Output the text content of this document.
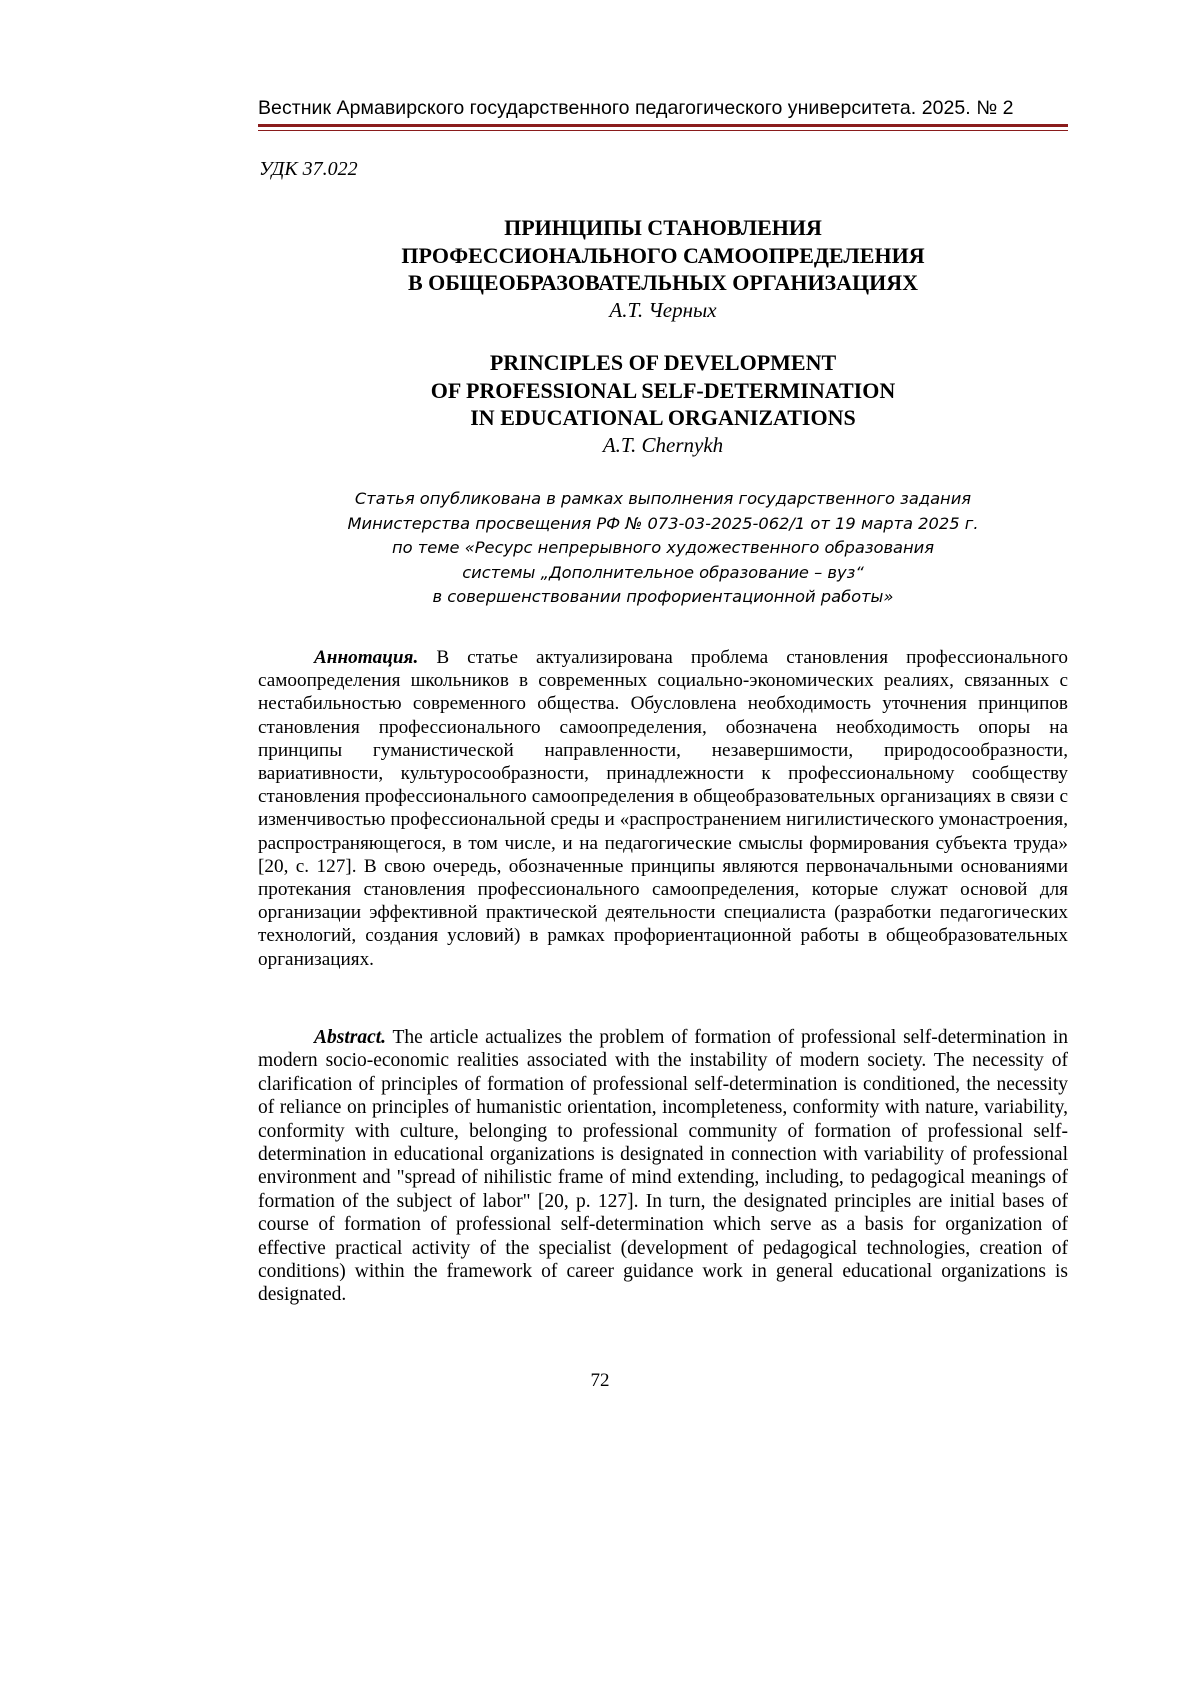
Вестник Армавирского государственного педагогического университета. 2025. № 2
УДК 37.022

ПРИНЦИПЫ СТАНОВЛЕНИЯ

ПРОФЕССИОНАЛЬНОГО САМООПРЕДЕЛЕНИЯ

В ОБЩЕОБРАЗОВАТЕЛЬНЫХ ОРГАНИЗАЦИЯХ

А.Т. Черных

PRINCIPLES OF DEVELOPMENT

OF PROFESSIONAL SELF-DETERMINATION

IN EDUCATIONAL ORGANIZATIONS

A.T. Chernykh

Статья опубликована в рамках выполнения государственного задания
Министерства просвещения РФ № 073-03-2025-062/1 от 19 марта 2025 г.
по теме «Ресурс непрерывного художественного образования
системы „Дополнительное образование – вуз“
в совершенствовании профориентационной работы»

Аннотация. В статье актуализирована проблема становления профессионального самоопределения школьников в современных социально-экономических реалиях, связанных с нестабильностью современного общества. Обусловлена необходимость уточнения принципов становления профессионального самоопределения, обозначена необходимость опоры на принципы гуманистической направленности, незавершимости, природосообразности, вариативности, культуросообразности, принадлежности к профессиональному сообществу становления профессионального самоопределения в общеобразовательных организациях в связи с изменчивостью профессиональной среды и «распространением нигилистического умонастроения, распространяющегося, в том числе, и на педагогические смыслы формирования субъекта труда» [20, с. 127]. В свою очередь, обозначенные принципы являются первоначальными основаниями протекания становления профессионального самоопределения, которые служат основой для организации эффективной практической деятельности специалиста (разработки педагогических технологий, создания условий) в рамках профориентационной работы в общеобразовательных организациях.

Abstract. The article actualizes the problem of formation of professional self-determination in modern socio-economic realities associated with the instability of modern society. The necessity of clarification of principles of formation of professional self-determination is conditioned, the necessity of reliance on principles of humanistic orientation, incompleteness, conformity with nature, variability, conformity with culture, belonging to professional community of formation of professional self-determination in educational organizations is designated in connection with variability of professional environment and "spread of nihilistic frame of mind extending, including, to pedagogical meanings of formation of the subject of labor" [20, p. 127]. In turn, the designated principles are initial bases of course of formation of professional self-determination which serve as a basis for organization of effective practical activity of the specialist (development of pedagogical technologies, creation of conditions) within the framework of career guidance work in general educational organizations is designated.

72
